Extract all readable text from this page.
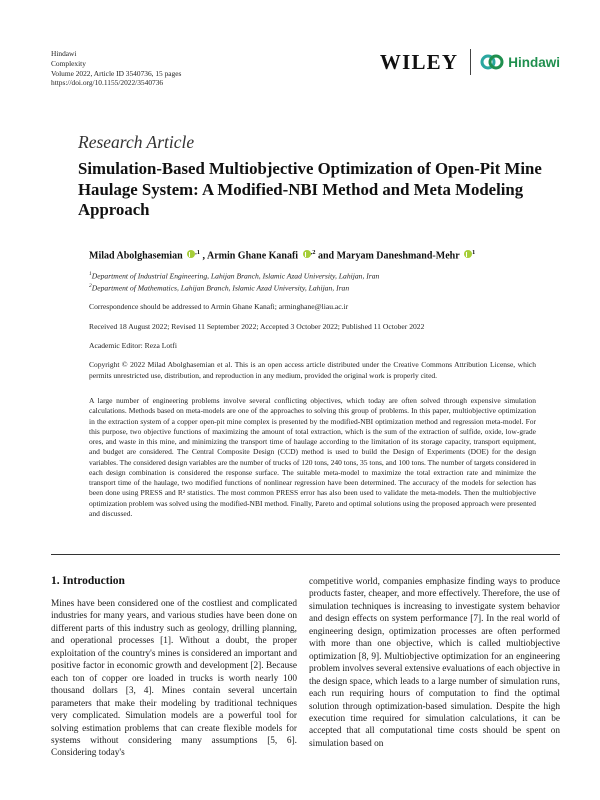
Hindawi
Complexity
Volume 2022, Article ID 3540736, 15 pages
https://doi.org/10.1155/2022/3540736
WILEY	Hindawi
Research Article
Simulation-Based Multiobjective Optimization of Open-Pit Mine Haulage System: A Modified-NBI Method and Meta Modeling Approach
Milad Abolghasemian $^{,1}$ , Armin Ghane Kanafi $^{,2}$ and Maryam Daneshmand-Mehr $^1$
$^1$Department of Industrial Engineering, Lahijan Branch, Islamic Azad University, Lahijan, Iran
$^2$Department of Mathematics, Lahijan Branch, Islamic Azad University, Lahijan, Iran
Correspondence should be addressed to Armin Ghane Kanafi; arminghane@liau.ac.ir
Received 18 August 2022; Revised 11 September 2022; Accepted 3 October 2022; Published 11 October 2022
Academic Editor: Reza Lotfi
Copyright © 2022 Milad Abolghasemian et al. This is an open access article distributed under the Creative Commons Attribution License, which permits unrestricted use, distribution, and reproduction in any medium, provided the original work is properly cited.
A large number of engineering problems involve several conflicting objectives, which today are often solved through expensive simulation calculations. Methods based on meta-models are one of the approaches to solving this group of problems. In this paper, multiobjective optimization in the extraction system of a copper open-pit mine complex is presented by the modified-NBI optimization method and regression meta-model. For this purpose, two objective functions of maximizing the amount of total extraction, which is the sum of the extraction of sulfide, oxide, low-grade ores, and waste in this mine, and minimizing the transport time of haulage according to the limitation of its storage capacity, transport equipment, and budget are considered. The Central Composite Design (CCD) method is used to build the Design of Experiments (DOE) for the design variables. The considered design variables are the number of trucks of 120 tons, 240 tons, 35 tons, and 100 tons. The number of targets considered in each design combination is considered the response surface. The suitable meta-model to maximize the total extraction rate and minimize the transport time of the haulage, two modified functions of nonlinear regression have been determined. The accuracy of the models for selection has been done using PRESS and R² statistics. The most common PRESS error has also been used to validate the meta-models. Then the multiobjective optimization problem was solved using the modified-NBI method. Finally, Pareto and optimal solutions using the proposed approach were presented and discussed.
1. Introduction
Mines have been considered one of the costliest and complicated industries for many years, and various studies have been done on different parts of this industry such as geology, drilling planning, and operational processes [1]. Without a doubt, the proper exploitation of the country's mines is considered an important and positive factor in economic growth and development [2]. Because each ton of copper ore loaded in trucks is worth nearly 100 thousand dollars [3, 4]. Mines contain several uncertain parameters that make their modeling by traditional techniques very complicated. Simulation models are a powerful tool for solving estimation problems that can create flexible models for systems without considering many assumptions [5, 6]. Considering today's
competitive world, companies emphasize finding ways to produce products faster, cheaper, and more effectively. Therefore, the use of simulation techniques is increasing to investigate system behavior and design effects on system performance [7]. In the real world of engineering design, optimization processes are often performed with more than one objective, which is called multiobjective optimization [8, 9]. Multiobjective optimization for an engineering problem involves several extensive evaluations of each objective in the design space, which leads to a large number of simulation runs, each run requiring hours of computation to find the optimal solution through optimization-based simulation. Despite the high execution time required for simulation calculations, it can be accepted that all computational time costs should be spent on simulation based on
